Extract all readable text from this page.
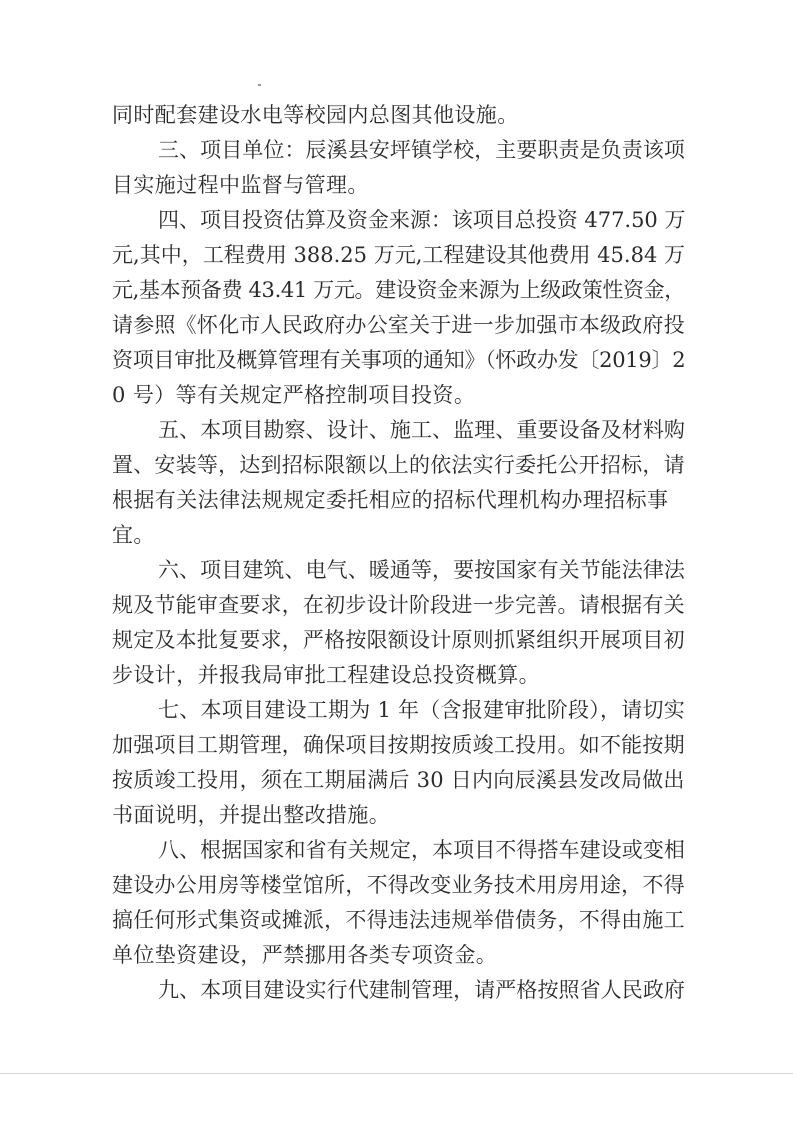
同时配套建设水电等校园内总图其他设施。
三、项目单位：辰溪县安坪镇学校，主要职责是负责该项
目实施过程中监督与管理。
四、项目投资估算及资金来源：该项目总投资 477.50 万
元,其中，工程费用 388.25 万元,工程建设其他费用 45.84 万
元,基本预备费 43.41 万元。建设资金来源为上级政策性资金，
请参照《怀化市人民政府办公室关于进一步加强市本级政府投
资项目审批及概算管理有关事项的通知》（怀政办发〔2019〕2
0 号）等有关规定严格控制项目投资。
五、本项目勘察、设计、施工、监理、重要设备及材料购
置、安装等，达到招标限额以上的依法实行委托公开招标，请
根据有关法律法规规定委托相应的招标代理机构办理招标事
宜。
六、项目建筑、电气、暖通等，要按国家有关节能法律法
规及节能审查要求，在初步设计阶段进一步完善。请根据有关
规定及本批复要求，严格按限额设计原则抓紧组织开展项目初
步设计，并报我局审批工程建设总投资概算。
七、本项目建设工期为 1 年（含报建审批阶段），请切实
加强项目工期管理，确保项目按期按质竣工投用。如不能按期
按质竣工投用，须在工期届满后 30 日内向辰溪县发改局做出
书面说明，并提出整改措施。
八、根据国家和省有关规定，本项目不得搭车建设或变相
建设办公用房等楼堂馆所，不得改变业务技术用房用途，不得
搞任何形式集资或摊派，不得违法违规举借债务，不得由施工
单位垫资建设，严禁挪用各类专项资金。
九、本项目建设实行代建制管理，请严格按照省人民政府
